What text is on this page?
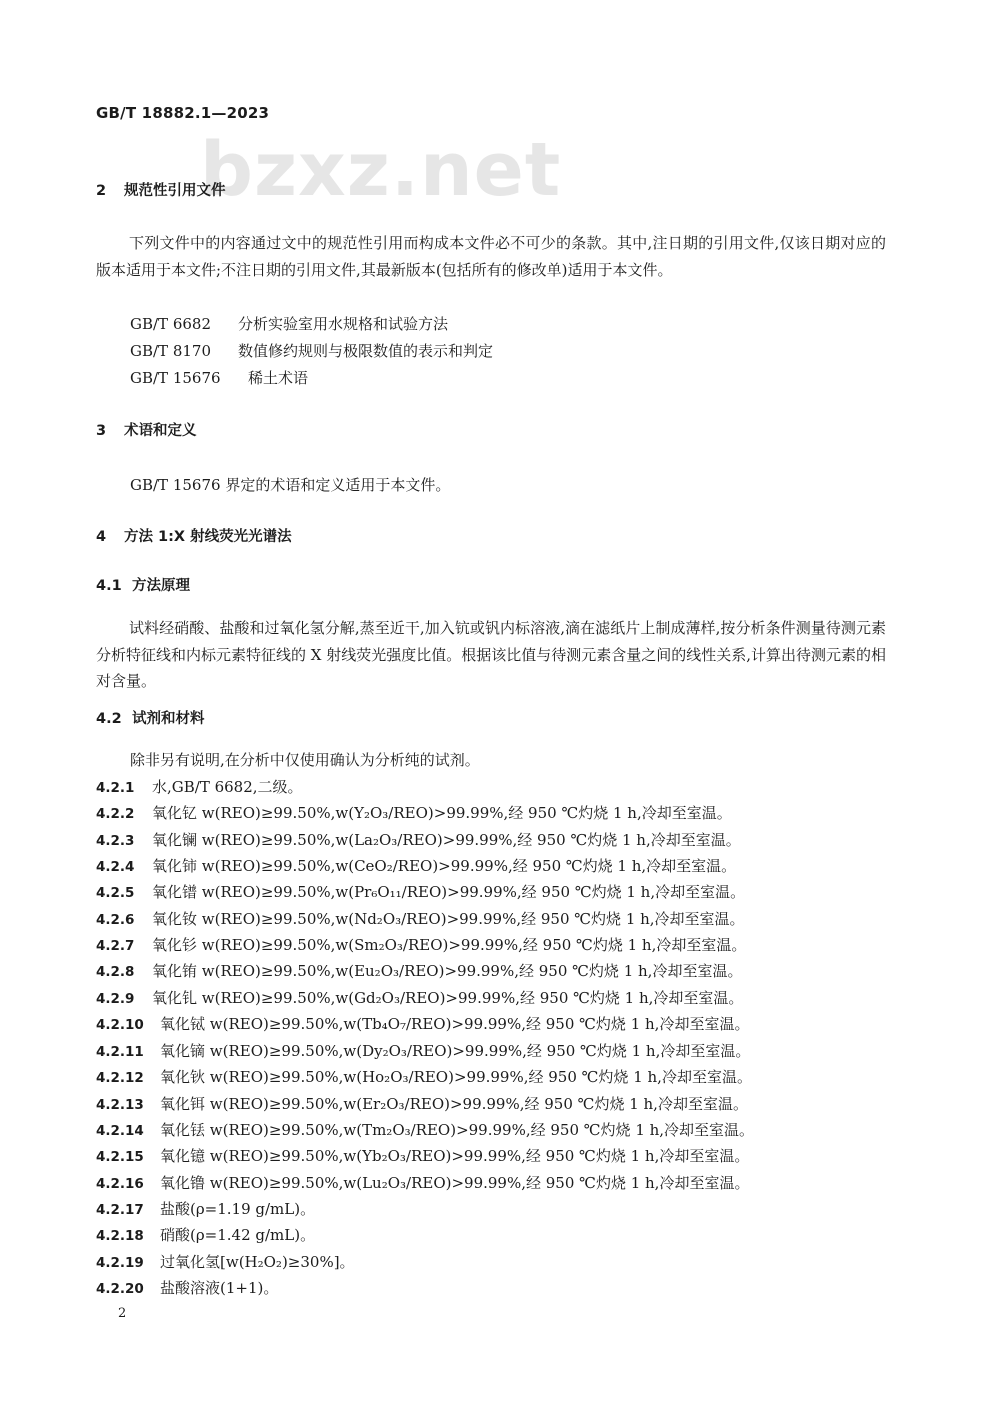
GB/T 18882.1—2023
bzxz.net
2 规范性引用文件
下列文件中的内容通过文中的规范性引用而构成本文件必不可少的条款。其中,注日期的引用文件,仅该日期对应的版本适用于本文件;不注日期的引用文件,其最新版本(包括所有的修改单)适用于本文件。
GB/T 6682 分析实验室用水规格和试验方法
GB/T 8170 数值修约规则与极限数值的表示和判定
GB/T 15676 稀土术语
3 术语和定义
GB/T 15676 界定的术语和定义适用于本文件。
4 方法 1:X 射线荧光光谱法
4.1 方法原理
试料经硝酸、盐酸和过氧化氢分解,蒸至近干,加入钪或钒内标溶液,滴在滤纸片上制成薄样,按分析条件测量待测元素分析特征线和内标元素特征线的 X 射线荧光强度比值。根据该比值与待测元素含量之间的线性关系,计算出待测元素的相对含量。
4.2 试剂和材料
除非另有说明,在分析中仅使用确认为分析纯的试剂。
4.2.1 水,GB/T 6682,二级。
4.2.2 氧化钇 w(REO)≥99.50%,w(Y₂O₃/REO)>99.99%,经 950 ℃灼烧 1 h,冷却至室温。
4.2.3 氧化镧 w(REO)≥99.50%,w(La₂O₃/REO)>99.99%,经 950 ℃灼烧 1 h,冷却至室温。
4.2.4 氧化铈 w(REO)≥99.50%,w(CeO₂/REO)>99.99%,经 950 ℃灼烧 1 h,冷却至室温。
4.2.5 氧化镨 w(REO)≥99.50%,w(Pr₆O₁₁/REO)>99.99%,经 950 ℃灼烧 1 h,冷却至室温。
4.2.6 氧化钕 w(REO)≥99.50%,w(Nd₂O₃/REO)>99.99%,经 950 ℃灼烧 1 h,冷却至室温。
4.2.7 氧化钐 w(REO)≥99.50%,w(Sm₂O₃/REO)>99.99%,经 950 ℃灼烧 1 h,冷却至室温。
4.2.8 氧化铕 w(REO)≥99.50%,w(Eu₂O₃/REO)>99.99%,经 950 ℃灼烧 1 h,冷却至室温。
4.2.9 氧化钆 w(REO)≥99.50%,w(Gd₂O₃/REO)>99.99%,经 950 ℃灼烧 1 h,冷却至室温。
4.2.10 氧化铽 w(REO)≥99.50%,w(Tb₄O₇/REO)>99.99%,经 950 ℃灼烧 1 h,冷却至室温。
4.2.11 氧化镝 w(REO)≥99.50%,w(Dy₂O₃/REO)>99.99%,经 950 ℃灼烧 1 h,冷却至室温。
4.2.12 氧化钬 w(REO)≥99.50%,w(Ho₂O₃/REO)>99.99%,经 950 ℃灼烧 1 h,冷却至室温。
4.2.13 氧化铒 w(REO)≥99.50%,w(Er₂O₃/REO)>99.99%,经 950 ℃灼烧 1 h,冷却至室温。
4.2.14 氧化铥 w(REO)≥99.50%,w(Tm₂O₃/REO)>99.99%,经 950 ℃灼烧 1 h,冷却至室温。
4.2.15 氧化镱 w(REO)≥99.50%,w(Yb₂O₃/REO)>99.99%,经 950 ℃灼烧 1 h,冷却至室温。
4.2.16 氧化镥 w(REO)≥99.50%,w(Lu₂O₃/REO)>99.99%,经 950 ℃灼烧 1 h,冷却至室温。
4.2.17 盐酸(ρ=1.19 g/mL)。
4.2.18 硝酸(ρ=1.42 g/mL)。
4.2.19 过氧化氢[w(H₂O₂)≥30%]。
4.2.20 盐酸溶液(1+1)。
2
